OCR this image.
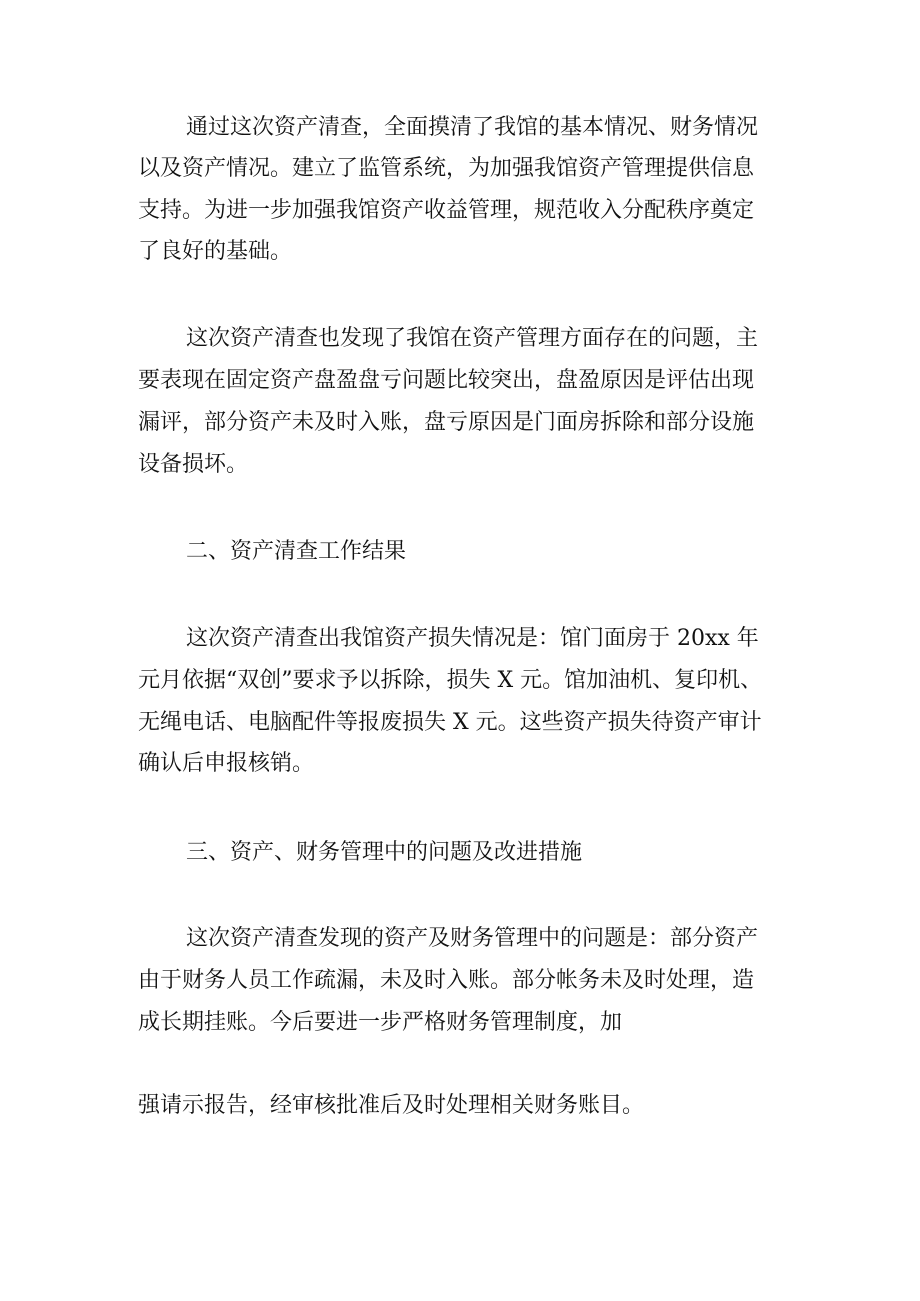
通过这次资产清查，全面摸清了我馆的基本情况、财务情况

以及资产情况。建立了监管系统，为加强我馆资产管理提供信息

支持。为进一步加强我馆资产收益管理，规范收入分配秩序奠定

了良好的基础。

这次资产清查也发现了我馆在资产管理方面存在的问题，主

要表现在固定资产盘盈盘亏问题比较突出，盘盈原因是评估出现

漏评，部分资产未及时入账，盘亏原因是门面房拆除和部分设施

设备损坏。

二、资产清查工作结果

这次资产清查出我馆资产损失情况是：馆门面房于 20xx 年

元月依据“双创”要求予以拆除，损失 X 元。馆加油机、复印机、

无绳电话、电脑配件等报废损失 X 元。这些资产损失待资产审计

确认后申报核销。

三、资产、财务管理中的问题及改进措施

这次资产清查发现的资产及财务管理中的问题是：部分资产

由于财务人员工作疏漏，未及时入账。部分帐务未及时处理，造

成长期挂账。今后要进一步严格财务管理制度，加

强请示报告，经审核批准后及时处理相关财务账目。
